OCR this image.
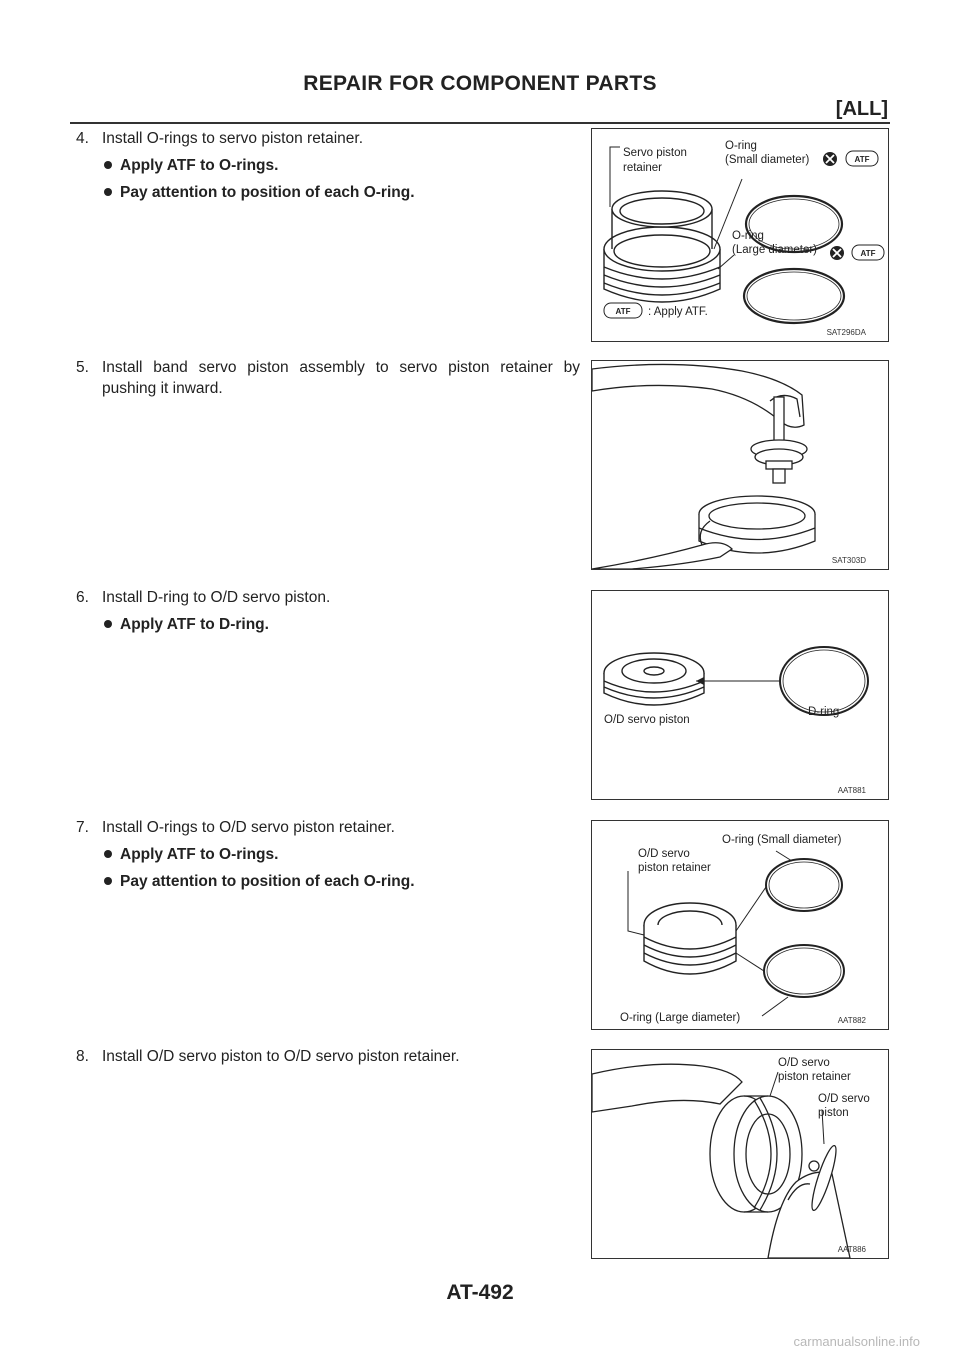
REPAIR FOR COMPONENT PARTS
[ALL]
4. Install O-rings to servo piston retainer.
Apply ATF to O-rings.
Pay attention to position of each O-ring.
Servo piston
retainer
O-ring
(Small diameter)
O-ring
(Large diameter)
ATF
ATF
ATF : Apply ATF.
SAT296DA
5. Install band servo piston assembly to servo piston retainer by pushing it inward.
SAT303D
6. Install D-ring to O/D servo piston.
Apply ATF to D-ring.
O/D servo piston
D-ring
AAT881
7. Install O-rings to O/D servo piston retainer.
Apply ATF to O-rings.
Pay attention to position of each O-ring.
O-ring (Small diameter)
O/D servo
piston retainer
O-ring (Large diameter)	AAT882
8. Install O/D servo piston to O/D servo piston retainer.	O/D servo
piston retainer
O/D servo
piston
AAT886
AT-492
carmanualsonline.info
